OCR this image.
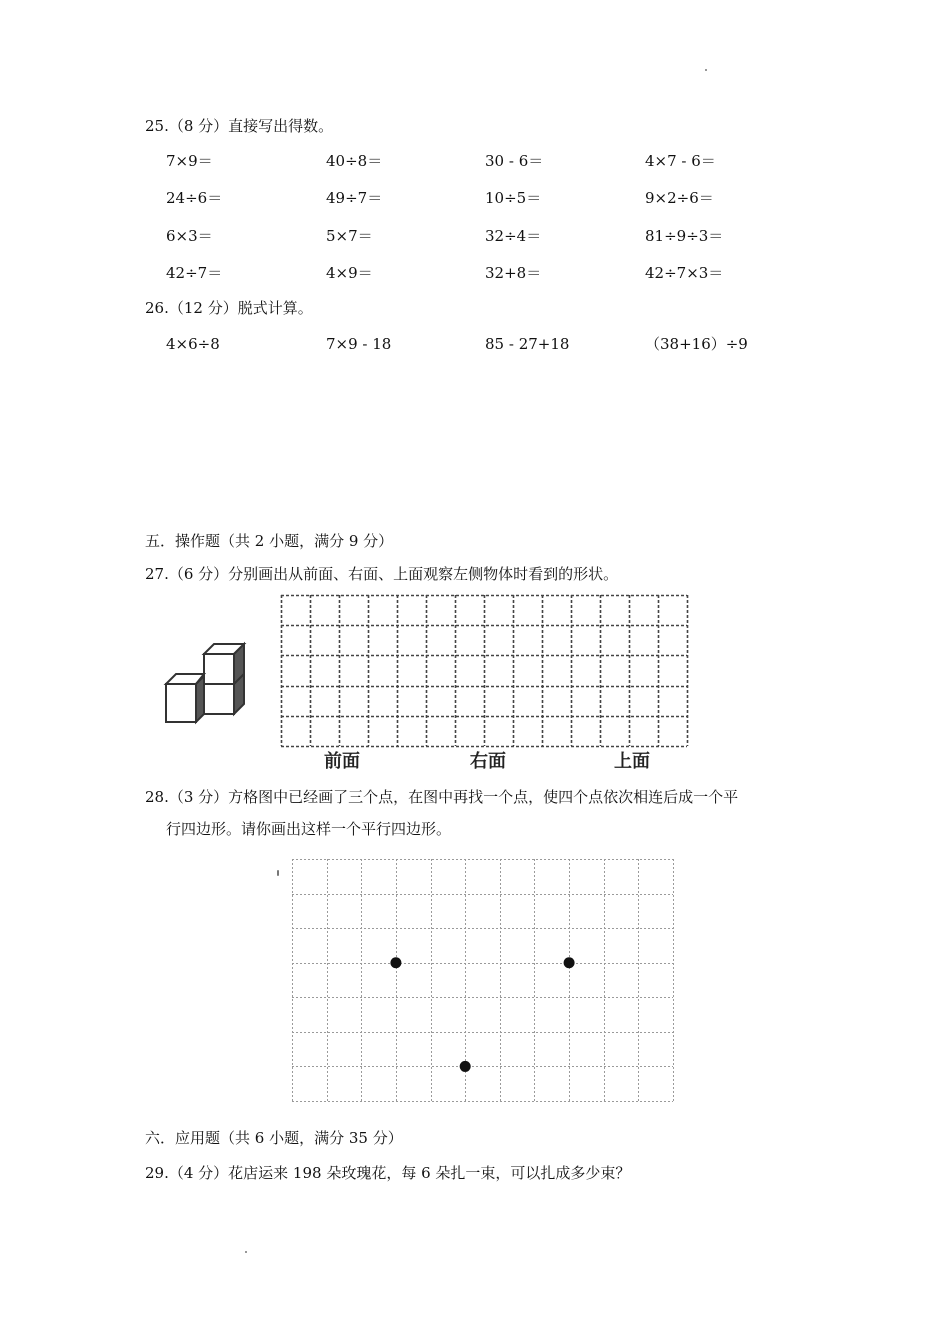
25.（8 分）直接写出得数。
7×9＝	40÷8＝	30 - 6＝	4×7 - 6＝
24÷6＝	49÷7＝	10÷5＝	9×2÷6＝
6×3＝	5×7＝	32÷4＝	81÷9÷3＝
42÷7＝	4×9＝	32+8＝	42÷7×3＝
26.（12 分）脱式计算。
4×6÷8	7×9 - 18	85 - 27+18	（38+16）÷9
五．操作题（共 2 小题，满分 9 分）
27.（6 分）分别画出从前面、右面、上面观察左侧物体时看到的形状。
前面	右面	上面
28.（3 分）方格图中已经画了三个点，在图中再找一个点，使四个点依次相连后成一个平
行四边形。请你画出这样一个平行四边形。
六．应用题（共 6 小题，满分 35 分）
29.（4 分）花店运来 198 朵玫瑰花，每 6 朵扎一束，可以扎成多少束？
